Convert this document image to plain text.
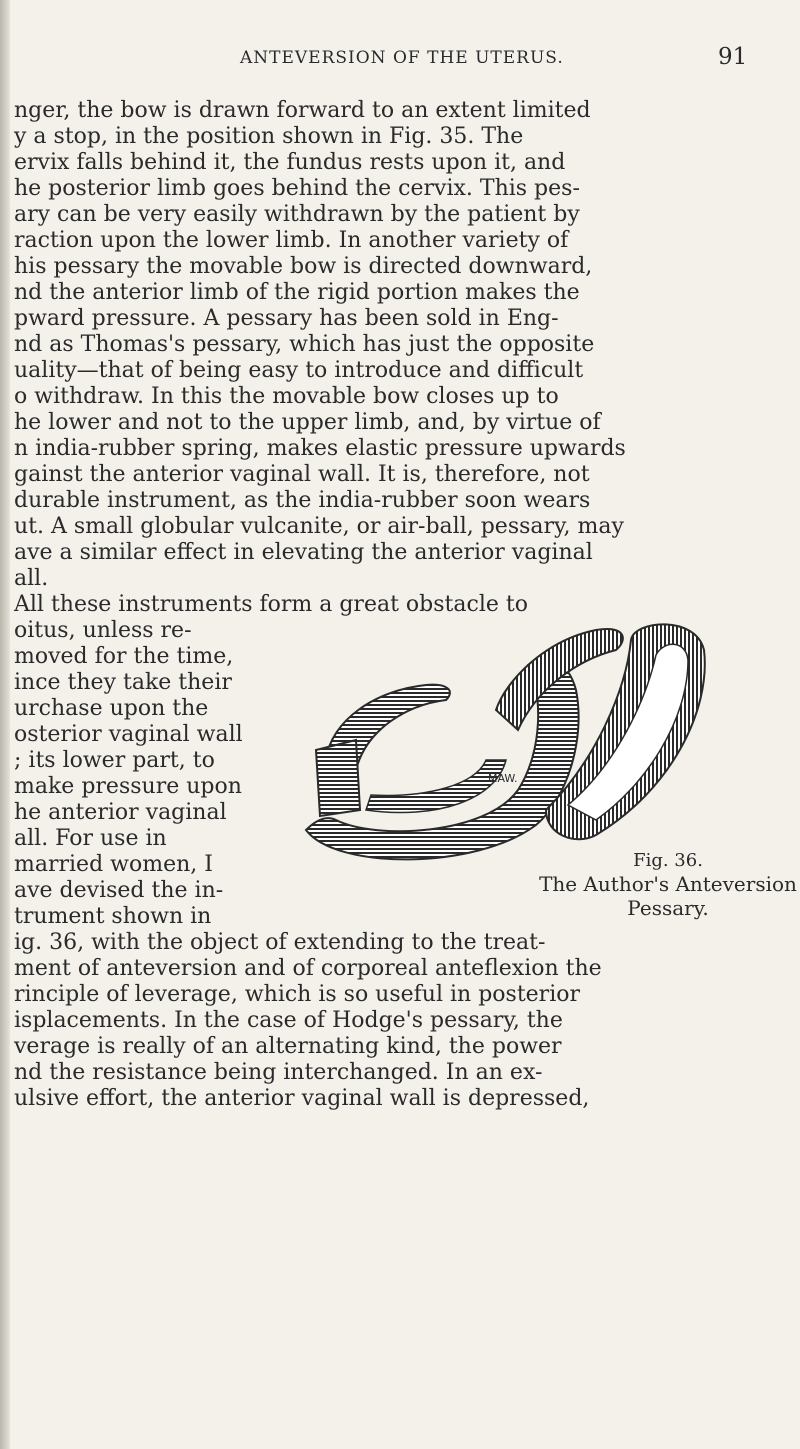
ANTEVERSION OF THE UTERUS.	91
nger, the bow is drawn forward to an extent limited
y a stop, in the position shown in Fig. 35. The
ervix falls behind it, the fundus rests upon it, and
he posterior limb goes behind the cervix. This pes-
ary can be very easily withdrawn by the patient by
raction upon the lower limb. In another variety of
his pessary the movable bow is directed downward,
nd the anterior limb of the rigid portion makes the
pward pressure. A pessary has been sold in Eng-
nd as Thomas's pessary, which has just the opposite
uality—that of being easy to introduce and difficult
o withdraw. In this the movable bow closes up to
he lower and not to the upper limb, and, by virtue of
n india-rubber spring, makes elastic pressure upwards
gainst the anterior vaginal wall. It is, therefore, not
durable instrument, as the india-rubber soon wears
ut. A small globular vulcanite, or air-ball, pessary, may
ave a similar effect in elevating the anterior vaginal
all.
All these instruments form a great obstacle to
oitus, unless re-
moved for the time,
ince they take their
urchase upon the
osterior vaginal wall
; its lower part, to
make pressure upon
he anterior vaginal
all. For use in
married women, I
ave devised the in-
trument shown in
MAW.
Fig. 36.
The Author's Anteversion Pessary.
ig. 36, with the object of extending to the treat-
ment of anteversion and of corporeal anteflexion the
rinciple of leverage, which is so useful in posterior
isplacements. In the case of Hodge's pessary, the
verage is really of an alternating kind, the power
nd the resistance being interchanged. In an ex-
ulsive effort, the anterior vaginal wall is depressed,
